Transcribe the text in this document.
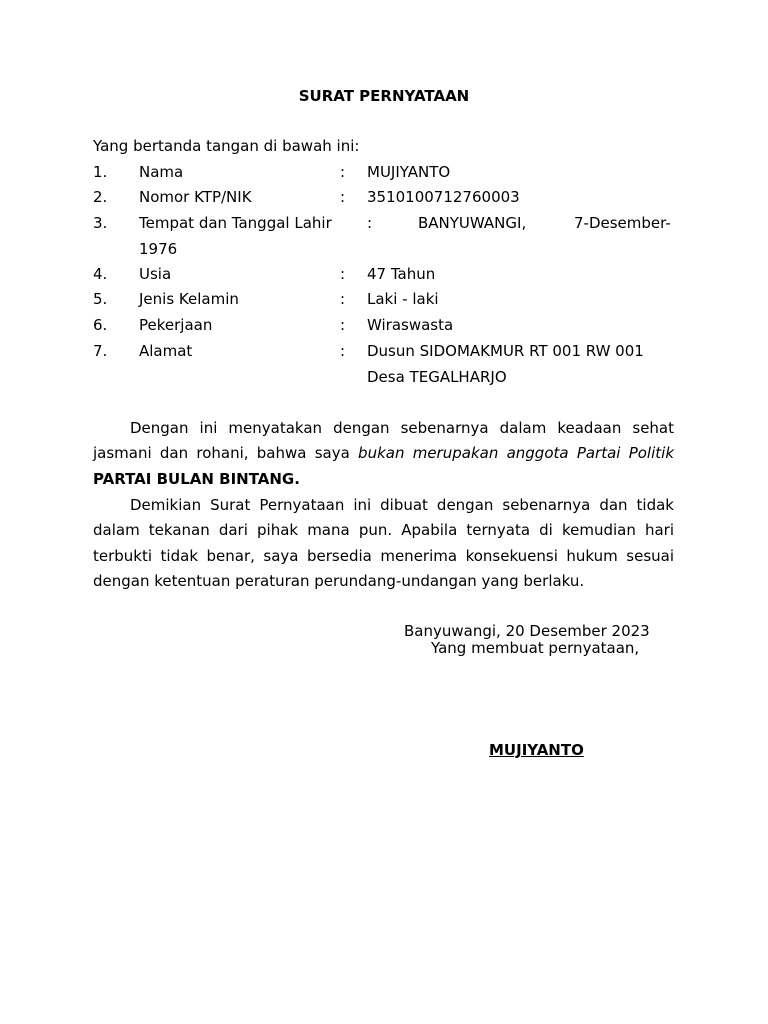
SURAT PERNYATAAN
Yang bertanda tangan di bawah ini:
1. Nama	: MUJIYANTO
2. Nomor KTP/NIK	: 3510100712760003
3. Tempat dan Tanggal Lahir :	BANYUWANGI,	7-Desember-
1976
4. Usia	: 47 Tahun
5. Jenis Kelamin	: Laki - laki
6. Pekerjaan	: Wiraswasta
7. Alamat	: Dusun SIDOMAKMUR RT 001 RW 001
Desa TEGALHARJO
Dengan ini menyatakan dengan sebenarnya dalam keadaan sehat
jasmani dan rohani, bahwa saya bukan merupakan anggota Partai Politik
PARTAI BULAN BINTANG.
Demikian Surat Pernyataan ini dibuat dengan sebenarnya dan tidak
dalam tekanan dari pihak mana pun. Apabila ternyata di kemudian hari
terbukti tidak benar, saya bersedia menerima konsekuensi hukum sesuai
dengan ketentuan peraturan perundang-undangan yang berlaku.
Banyuwangi, 20 Desember 2023
Yang membuat pernyataan,
MUJIYANTO
